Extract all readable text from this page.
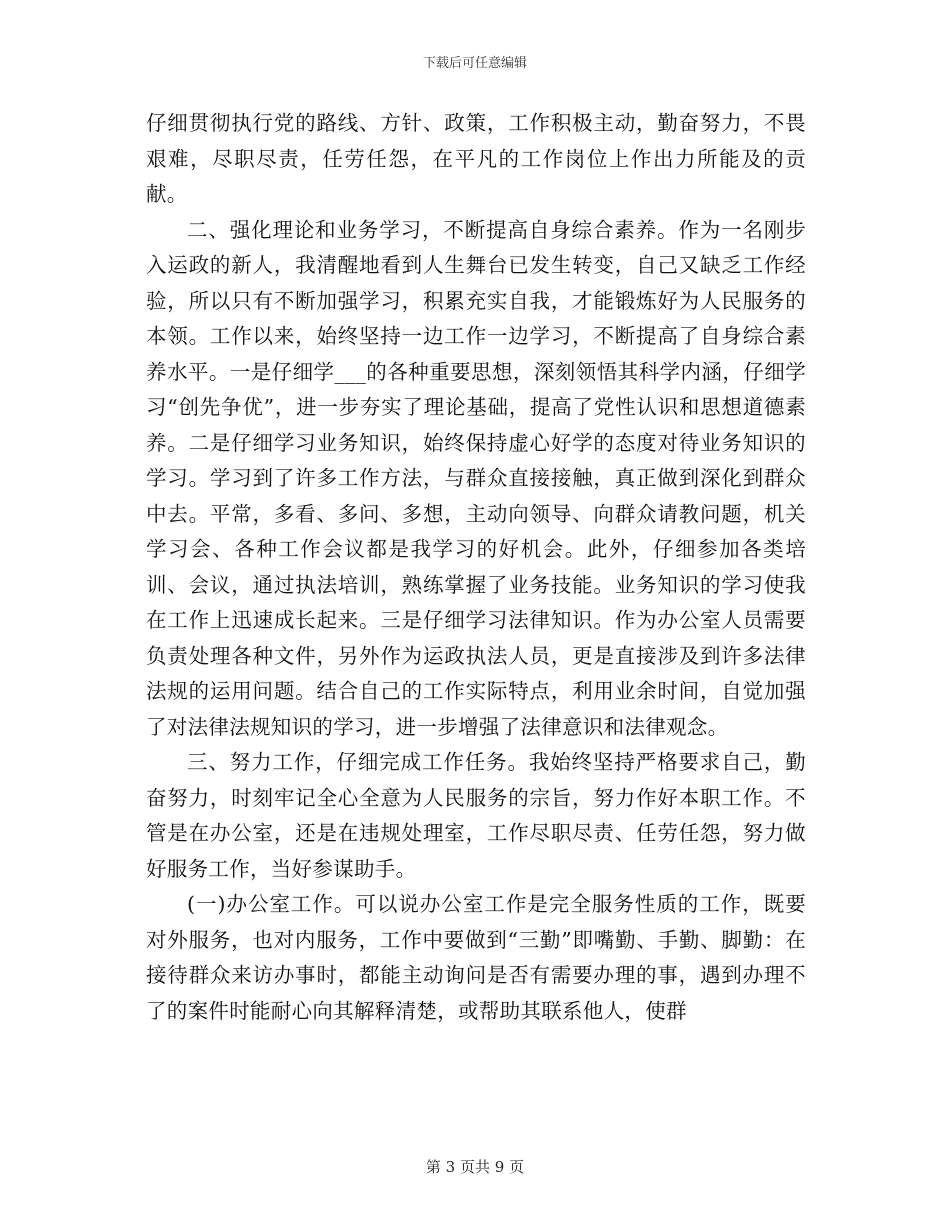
下载后可任意编辑

仔细贯彻执行党的路线、方针、政策，工作积极主动，勤奋努力，不畏艰难，尽职尽责，任劳任怨，在平凡的工作岗位上作出力所能及的贡献。

二、强化理论和业务学习，不断提高自身综合素养。作为一名刚步入运政的新人，我清醒地看到人生舞台已发生转变，自己又缺乏工作经验，所以只有不断加强学习，积累充实自我，才能锻炼好为人民服务的本领。工作以来，始终坚持一边工作一边学习，不断提高了自身综合素养水平。一是仔细学___的各种重要思想，深刻领悟其科学内涵，仔细学习“创先争优”，进一步夯实了理论基础，提高了党性认识和思想道德素养。二是仔细学习业务知识，始终保持虚心好学的态度对待业务知识的学习。学习到了许多工作方法，与群众直接接触，真正做到深化到群众中去。平常，多看、多问、多想，主动向领导、向群众请教问题，机关学习会、各种工作会议都是我学习的好机会。此外，仔细参加各类培训、会议，通过执法培训，熟练掌握了业务技能。业务知识的学习使我在工作上迅速成长起来。三是仔细学习法律知识。作为办公室人员需要负责处理各种文件，另外作为运政执法人员，更是直接涉及到许多法律法规的运用问题。结合自己的工作实际特点，利用业余时间，自觉加强了对法律法规知识的学习，进一步增强了法律意识和法律观念。

三、努力工作，仔细完成工作任务。我始终坚持严格要求自己，勤奋努力，时刻牢记全心全意为人民服务的宗旨，努力作好本职工作。不管是在办公室，还是在违规处理室，工作尽职尽责、任劳任怨，努力做好服务工作，当好参谋助手。

(一)办公室工作。可以说办公室工作是完全服务性质的工作，既要对外服务，也对内服务，工作中要做到“三勤”即嘴勤、手勤、脚勤：在接待群众来访办事时，都能主动询问是否有需要办理的事，遇到办理不了的案件时能耐心向其解释清楚，或帮助其联系他人，使群

第 3 页共 9 页
